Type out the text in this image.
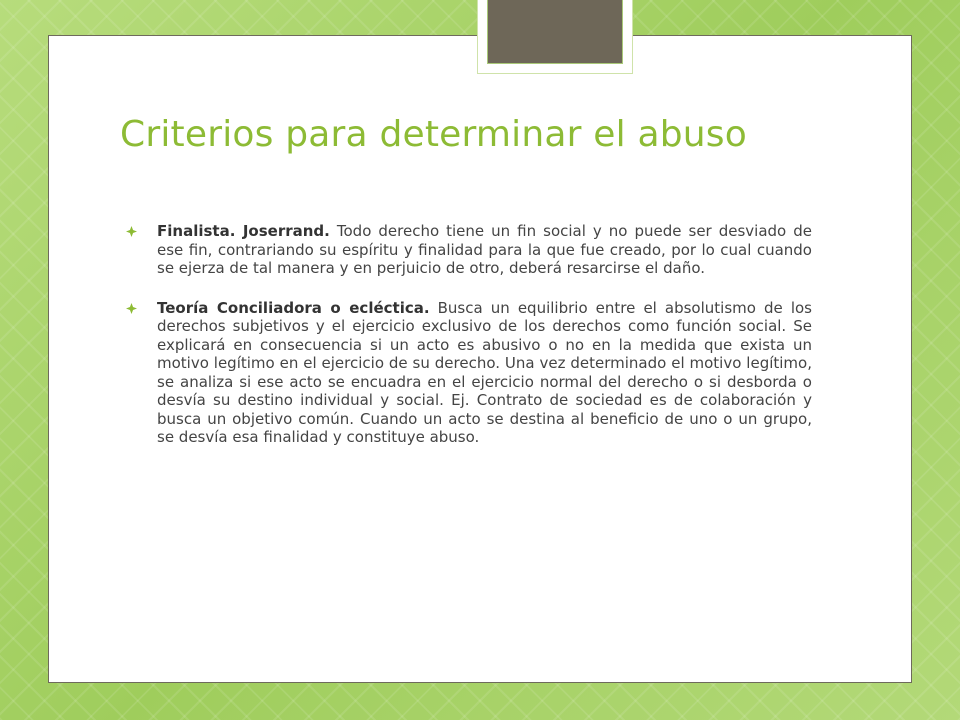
Criterios para determinar el abuso

Finalista. Joserrand. Todo derecho tiene un fin social y no puede ser desviado de ese fin, contrariando su espíritu y finalidad para la que fue creado, por lo cual cuando se ejerza de tal manera y en perjuicio de otro, deberá resarcirse el daño.

Teoría Conciliadora o ecléctica. Busca un equilibrio entre el absolutismo de los derechos subjetivos y el ejercicio exclusivo de los derechos como función social. Se explicará en consecuencia si un acto es abusivo o no en la medida que exista un motivo legítimo en el ejercicio de su derecho. Una vez determinado el motivo legítimo, se analiza si ese acto se encuadra en el ejercicio normal del derecho o si desborda o desvía su destino individual y social. Ej. Contrato de sociedad es de colaboración y busca un objetivo común. Cuando un acto se destina al beneficio de uno o un grupo, se desvía esa finalidad y constituye abuso.
